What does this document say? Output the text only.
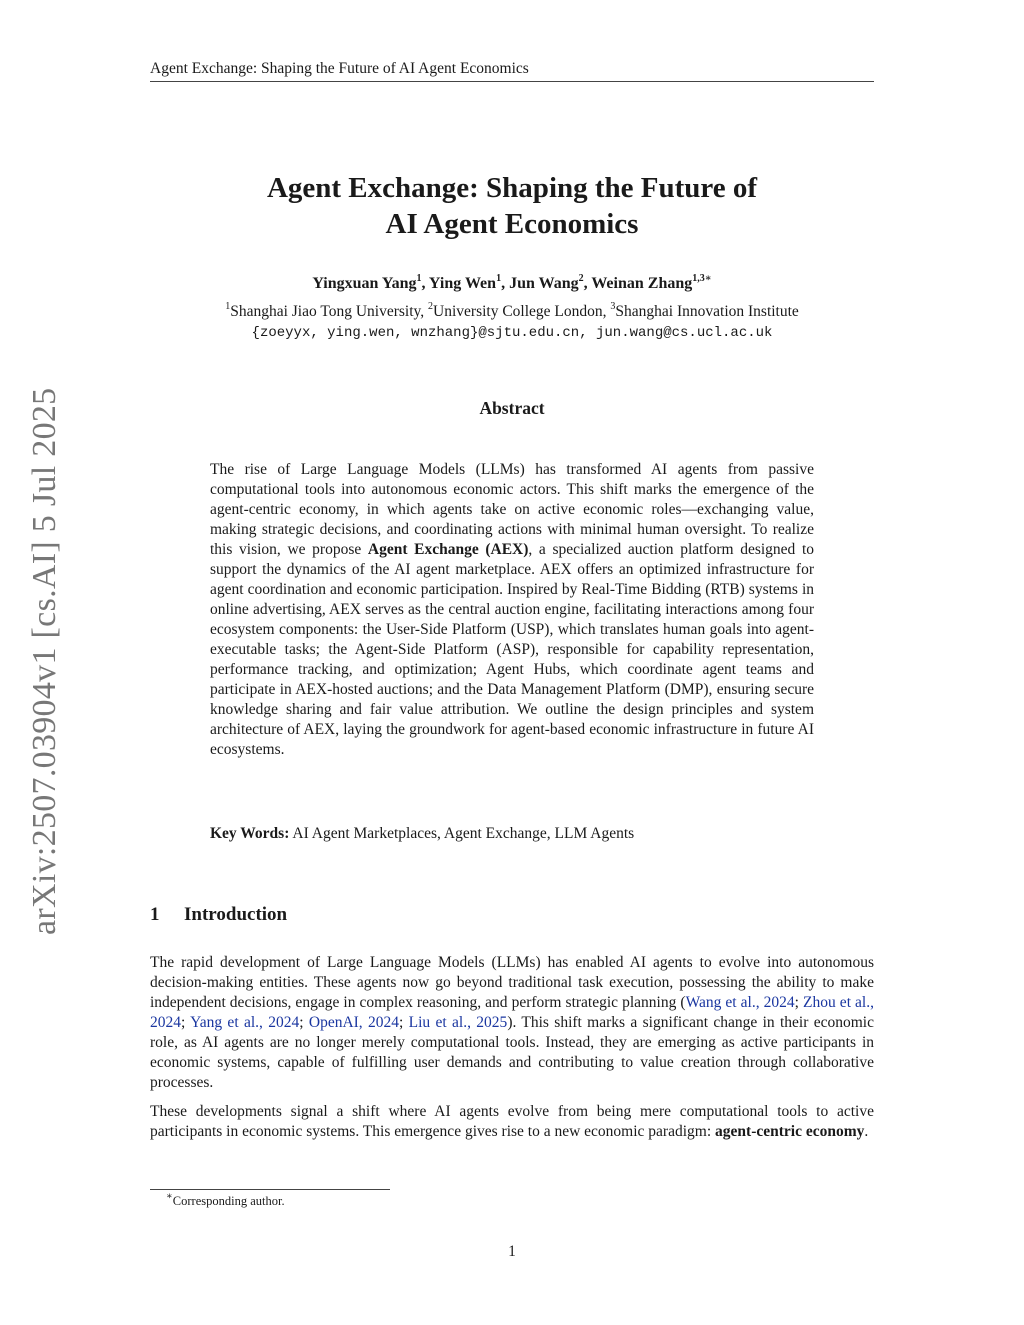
Agent Exchange: Shaping the Future of AI Agent Economics
arXiv:2507.03904v1 [cs.AI] 5 Jul 2025
Agent Exchange: Shaping the Future of
AI Agent Economics
Yingxuan Yang$^1$, Ying Wen$^1$, Jun Wang$^2$, Weinan Zhang$^{1,3∗}$
$^1$Shanghai Jiao Tong University, $^2$University College London, $^3$Shanghai Innovation Institute
{zoeyyx, ying.wen, wnzhang}@sjtu.edu.cn, jun.wang@cs.ucl.ac.uk
Abstract

The rise of Large Language Models (LLMs) has transformed AI agents from passive computational tools into autonomous economic actors. This shift marks the emergence of the agent-centric economy, in which agents take on active economic roles—exchanging value, making strategic decisions, and coordinating actions with minimal human oversight. To realize this vision, we propose Agent Exchange (AEX), a specialized auction platform designed to support the dynamics of the AI agent marketplace. AEX offers an optimized infrastructure for agent coordination and economic participation. Inspired by Real-Time Bidding (RTB) systems in online advertising, AEX serves as the central auction engine, facilitating interactions among four ecosystem components: the User-Side Platform (USP), which translates human goals into agent-executable tasks; the Agent-Side Platform (ASP), responsible for capability representation, performance tracking, and optimization; Agent Hubs, which coordinate agent teams and participate in AEX-hosted auctions; and the Data Management Platform (DMP), ensuring secure knowledge sharing and fair value attribution. We outline the design principles and system architecture of AEX, laying the groundwork for agent-based economic infrastructure in future AI ecosystems.

Key Words: AI Agent Marketplaces, Agent Exchange, LLM Agents

1 Introduction

The rapid development of Large Language Models (LLMs) has enabled AI agents to evolve into autonomous decision-making entities. These agents now go beyond traditional task execution, possessing the ability to make independent decisions, engage in complex reasoning, and perform strategic planning (Wang et al., 2024; Zhou et al., 2024; Yang et al., 2024; OpenAI, 2024; Liu et al., 2025). This shift marks a significant change in their economic role, as AI agents are no longer merely computational tools. Instead, they are emerging as active participants in economic systems, capable of fulfilling user demands and contributing to value creation through collaborative processes.

These developments signal a shift where AI agents evolve from being mere computational tools to active participants in economic systems. This emergence gives rise to a new economic paradigm: agent-centric economy.

∗Corresponding author.
1
